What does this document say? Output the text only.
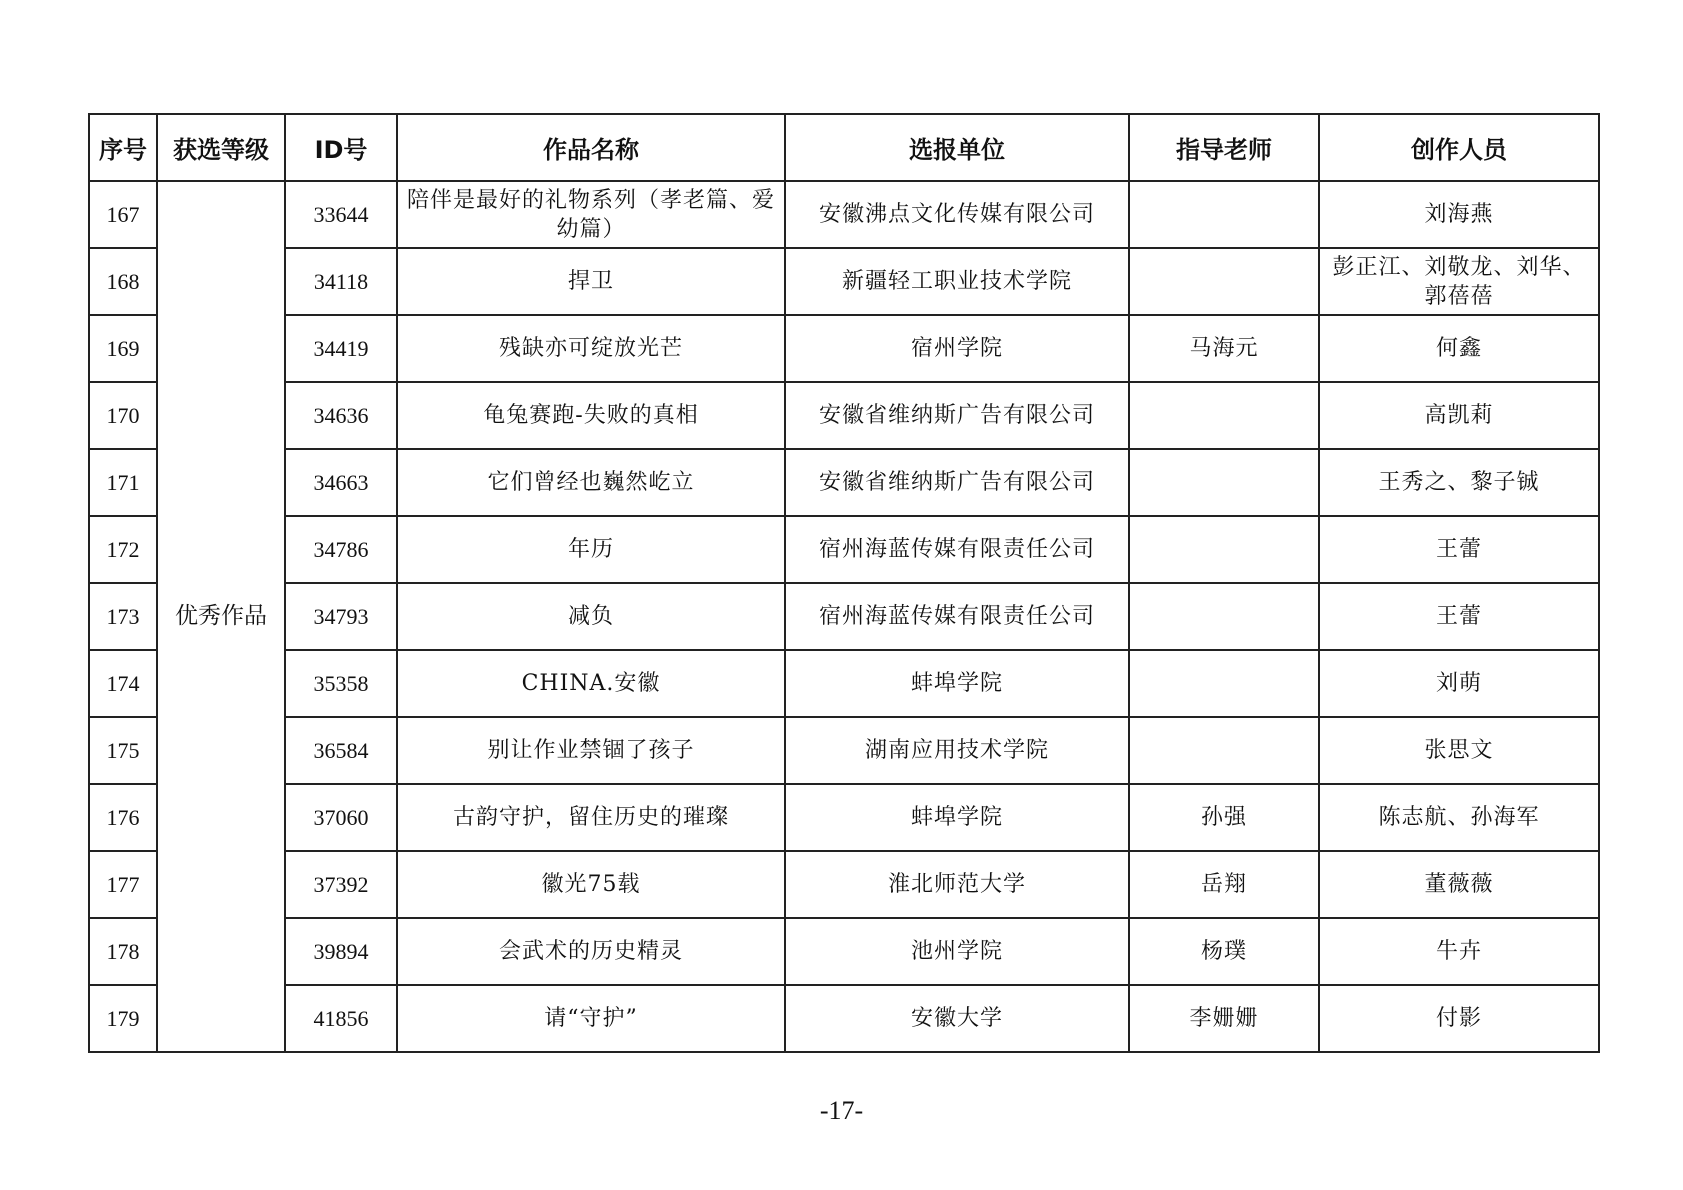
序号	获选等级	ID号	作品名称	选报单位	指导老师	创作人员
167	优秀作品	33644	陪伴是最好的礼物系列（孝老篇、爱幼篇）	安徽沸点文化传媒有限公司		刘海燕
168		34118	捍卫	新疆轻工职业技术学院		彭正江、刘敬龙、刘华、郭蓓蓓
169		34419	残缺亦可绽放光芒	宿州学院	马海元	何鑫
170		34636	龟兔赛跑-失败的真相	安徽省维纳斯广告有限公司		高凯莉
171		34663	它们曾经也巍然屹立	安徽省维纳斯广告有限公司		王秀之、黎子铖
172		34786	年历	宿州海蓝传媒有限责任公司		王蕾
173		34793	减负	宿州海蓝传媒有限责任公司		王蕾
174		35358	CHINA.安徽	蚌埠学院		刘萌
175		36584	别让作业禁锢了孩子	湖南应用技术学院		张思文
176		37060	古韵守护，留住历史的璀璨	蚌埠学院	孙强	陈志航、孙海军
177		37392	徽光75载	淮北师范大学	岳翔	董薇薇
178		39894	会武术的历史精灵	池州学院	杨璞	牛卉
179		41856	请“守护”	安徽大学	李姗姗	付影
-17-
